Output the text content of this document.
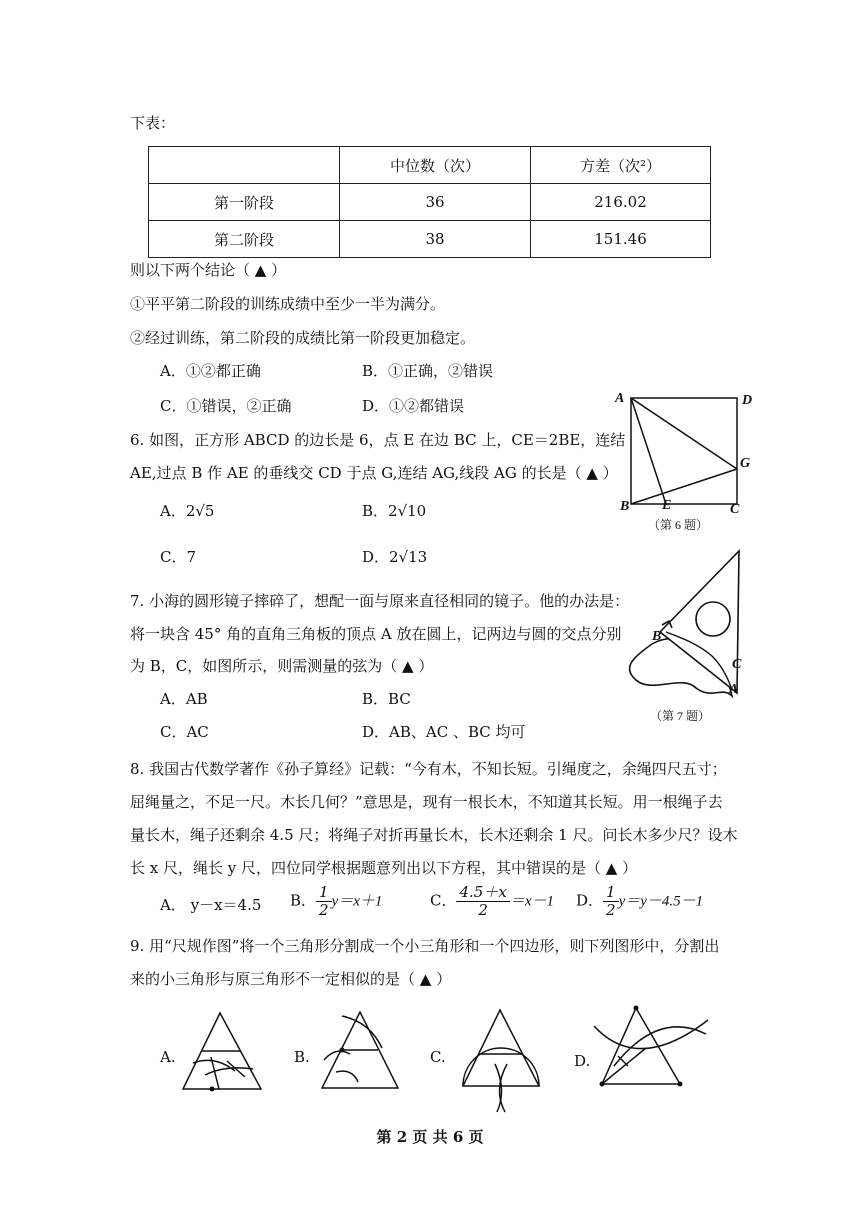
下表：
	中位数（次）	方差（次²）
第一阶段	36	216.02
第二阶段	38	151.46
则以下两个结论（ ▲ ）
①平平第二阶段的训练成绩中至少一半为满分。
②经过训练，第二阶段的成绩比第一阶段更加稳定。
A．①②都正确	B．①正确，②错误
C．①错误，②正确	D．①②都错误
6. 如图，正方形 ABCD 的边长是 6，点 E 在边 BC 上，CE＝2BE，连结
AE,过点 B 作 AE 的垂线交 CD 于点 G,连结 AG,线段 AG 的长是（ ▲ ）
A．2√5	B．2√10
C．7	D．2√13
A	D
G
B E	C
（第 6 题）
7. 小海的圆形镜子摔碎了，想配一面与原来直径相同的镜子。他的办法是：
将一块含 45° 角的直角三角板的顶点 A 放在圆上，记两边与圆的交点分别
为 B，C，如图所示，则需测量的弦为（ ▲ ）
A．AB	B．BC
C．AC	D．AB、AC 、BC 均可
B
C
A
（第 7 题）
8. 我国古代数学著作《孙子算经》记载：“今有木，不知长短。引绳度之，余绳四尺五寸；
屈绳量之，不足一尺。木长几何？”意思是，现有一根长木，不知道其长短。用一根绳子去
量长木，绳子还剩余 4.5 尺；将绳子对折再量长木，长木还剩余 1 尺。问长木多少尺？设木
长 x 尺，绳长 y 尺，四位同学根据题意列出以下方程，其中错误的是（ ▲ ）
A． y－x＝4.5 B． $\frac{1}{2} y=x+1$	C． $\frac{4.5+x}{2} =x-1$ D． $\frac{1}{2} y=y-4.5-1$
9. 用“尺规作图”将一个三角形分割成一个小三角形和一个四边形，则下列图形中，分割出
来的小三角形与原三角形不一定相似的是（ ▲ ）
A.	B.	C.	D.
第 2 页 共 6 页
